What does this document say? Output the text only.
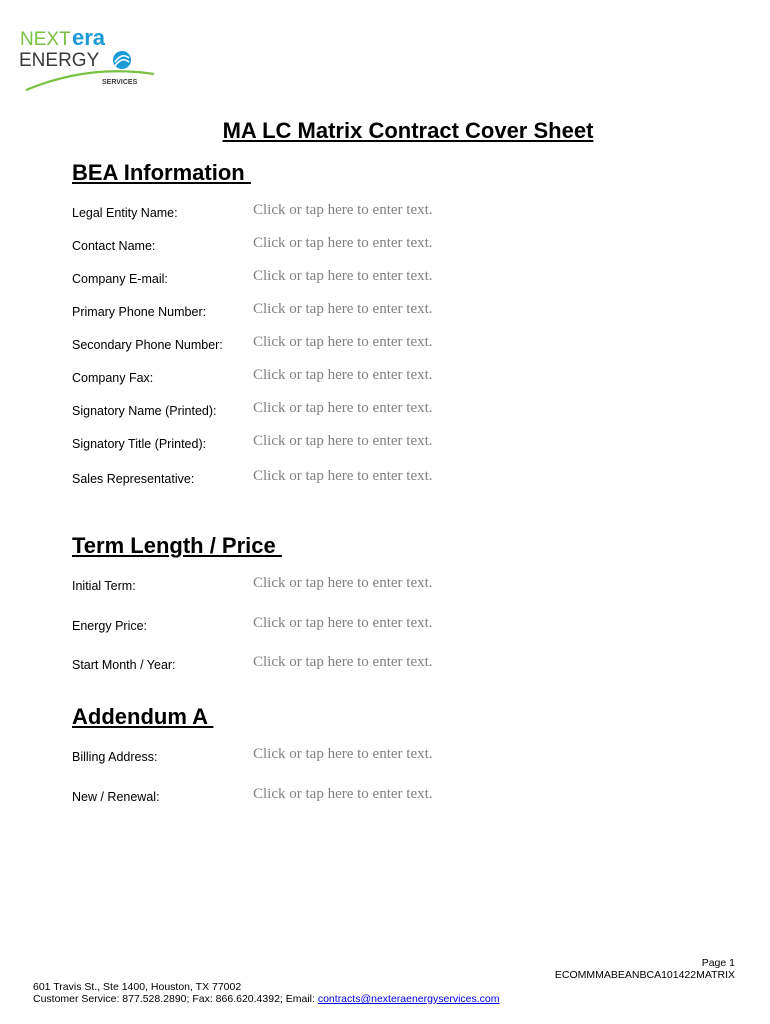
NEXT era
ENERGY
SERVICES
MA LC Matrix Contract Cover Sheet
BEA Information
Legal Entity Name:	Click or tap here to enter text.
Contact Name:	Click or tap here to enter text.
Company E-mail:	Click or tap here to enter text.
Primary Phone Number:	Click or tap here to enter text.
Secondary Phone Number: Click or tap here to enter text.
Company Fax:	Click or tap here to enter text.
Signatory Name (Printed): Click or tap here to enter text.
Signatory Title (Printed):	Click or tap here to enter text.
Sales Representative:	Click or tap here to enter text.
Term Length / Price
Initial Term:	Click or tap here to enter text.
Energy Price:	Click or tap here to enter text.
Start Month / Year:	Click or tap here to enter text.
Addendum A
Billing Address:	Click or tap here to enter text.
New / Renewal:	Click or tap here to enter text.
Page 1
ECOMMMABEANBCA101422MATRIX
601 Travis St., Ste 1400, Houston, TX 77002
Customer Service: 877.528.2890; Fax: 866.620.4392; Email: contracts@nexteraenergyservices.com
